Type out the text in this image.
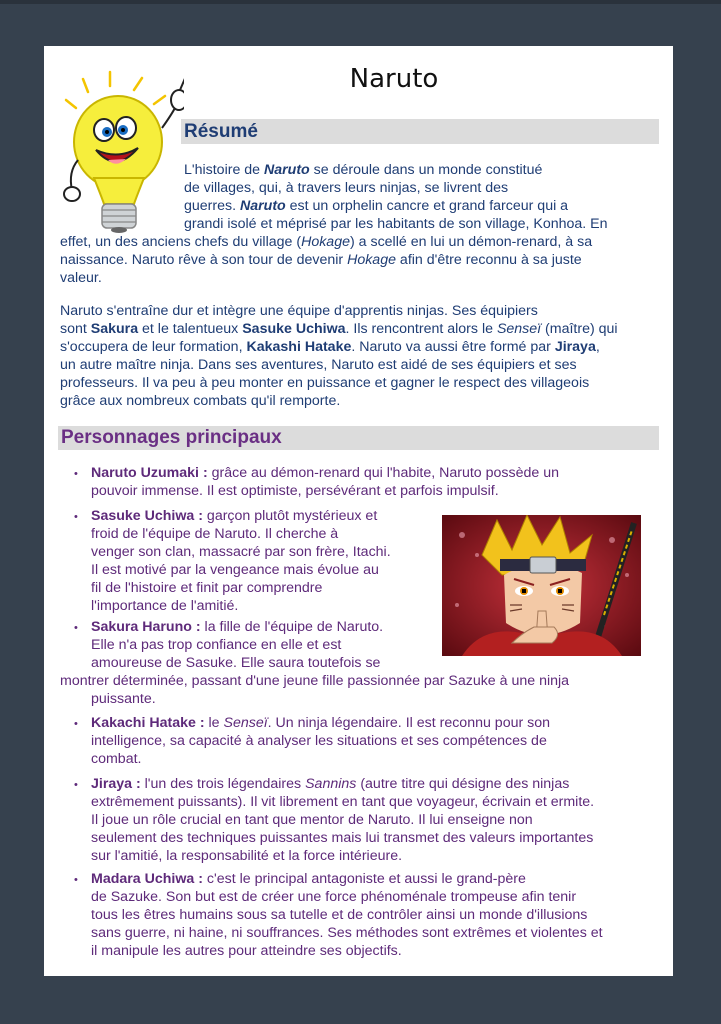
Naruto
Résumé
L'histoire de Naruto se déroule dans un monde constitué
de villages, qui, à travers leurs ninjas, se livrent des
guerres. Naruto est un orphelin cancre et grand farceur qui a
grandi isolé et méprisé par les habitants de son village, Konhoa. En
effet, un des anciens chefs du village (Hokage) a scellé en lui un démon-renard, à sa
naissance. Naruto rêve à son tour de devenir Hokage afin d'être reconnu à sa juste
valeur.
Naruto s'entraîne dur et intègre une équipe d'apprentis ninjas. Ses équipiers
sont Sakura et le talentueux Sasuke Uchiwa. Ils rencontrent alors le Senseï (maître) qui
s'occupera de leur formation, Kakashi Hatake. Naruto va aussi être formé par Jiraya,
un autre maître ninja. Dans ses aventures, Naruto est aidé de ses équipiers et ses
professeurs. Il va peu à peu monter en puissance et gagner le respect des villageois
grâce aux nombreux combats qu'il remporte.
Personnages principaux
• Naruto Uzumaki : grâce au démon-renard qui l'habite, Naruto possède un
pouvoir immense. Il est optimiste, persévérant et parfois impulsif.
• Sasuke Uchiwa : garçon plutôt mystérieux et
froid de l'équipe de Naruto. Il cherche à
venger son clan, massacré par son frère, Itachi.
Il est motivé par la vengeance mais évolue au
fil de l'histoire et finit par comprendre
l'importance de l'amitié.
• Sakura Haruno : la fille de l'équipe de Naruto.
Elle n'a pas trop confiance en elle et est
amoureuse de Sasuke. Elle saura toutefois se
montrer déterminée, passant d'une jeune fille passionnée par Sazuke à une ninja
puissante.
• Kakachi Hatake : le Senseï. Un ninja légendaire. Il est reconnu pour son
intelligence, sa capacité à analyser les situations et ses compétences de
combat.
• Jiraya : l'un des trois légendaires Sannins (autre titre qui désigne des ninjas
extrêmement puissants). Il vit librement en tant que voyageur, écrivain et ermite.
Il joue un rôle crucial en tant que mentor de Naruto. Il lui enseigne non
seulement des techniques puissantes mais lui transmet des valeurs importantes
sur l'amitié, la responsabilité et la force intérieure.
• Madara Uchiwa : c'est le principal antagoniste et aussi le grand-père
de Sazuke. Son but est de créer une force phénoménale trompeuse afin tenir
tous les êtres humains sous sa tutelle et de contrôler ainsi un monde d'illusions
sans guerre, ni haine, ni souffrances. Ses méthodes sont extrêmes et violentes et
il manipule les autres pour atteindre ses objectifs.
